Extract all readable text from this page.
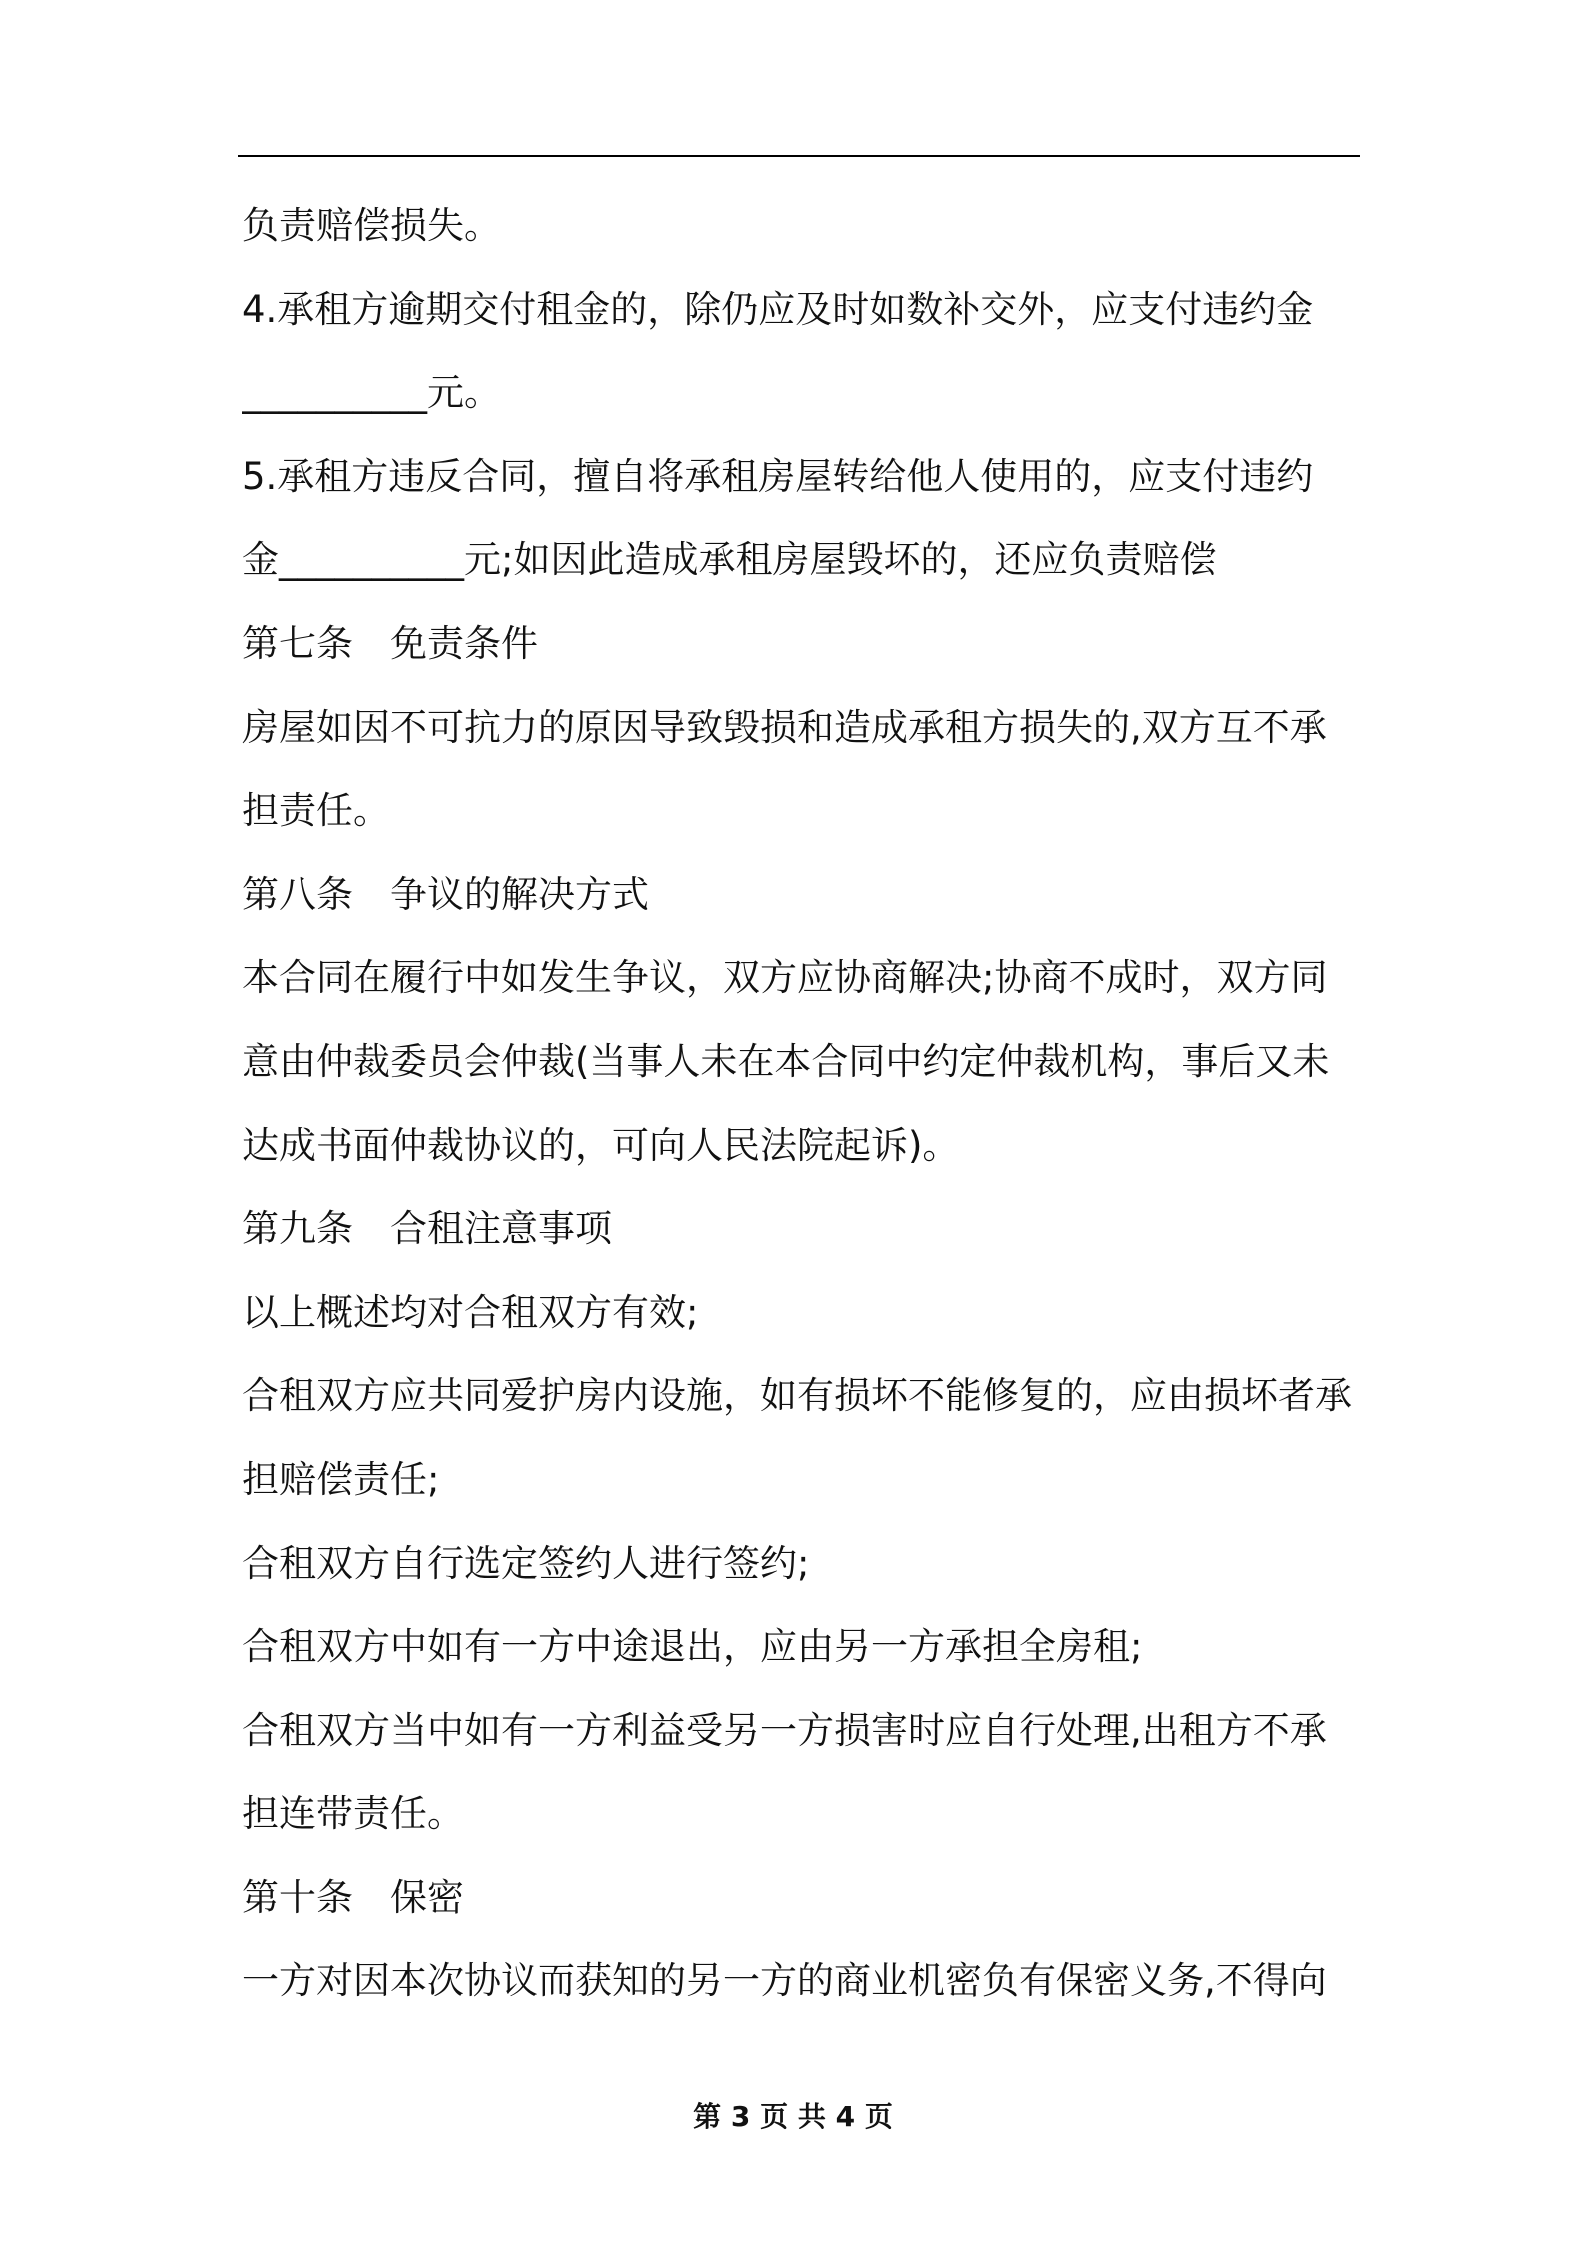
负责赔偿损失。
4.承租方逾期交付租金的，除仍应及时如数补交外，应支付违约金
__________元。
5.承租方违反合同，擅自将承租房屋转给他人使用的，应支付违约
金__________元;如因此造成承租房屋毁坏的，还应负责赔偿
第七条　免责条件
房屋如因不可抗力的原因导致毁损和造成承租方损失的,双方互不承
担责任。
第八条　争议的解决方式
本合同在履行中如发生争议，双方应协商解决;协商不成时，双方同
意由仲裁委员会仲裁(当事人未在本合同中约定仲裁机构，事后又未
达成书面仲裁协议的，可向人民法院起诉)。
第九条　合租注意事项
以上概述均对合租双方有效;
合租双方应共同爱护房内设施，如有损坏不能修复的，应由损坏者承
担赔偿责任;
合租双方自行选定签约人进行签约;
合租双方中如有一方中途退出，应由另一方承担全房租;
合租双方当中如有一方利益受另一方损害时应自行处理,出租方不承
担连带责任。
第十条　保密
一方对因本次协议而获知的另一方的商业机密负有保密义务,不得向
第 3 页 共 4 页
